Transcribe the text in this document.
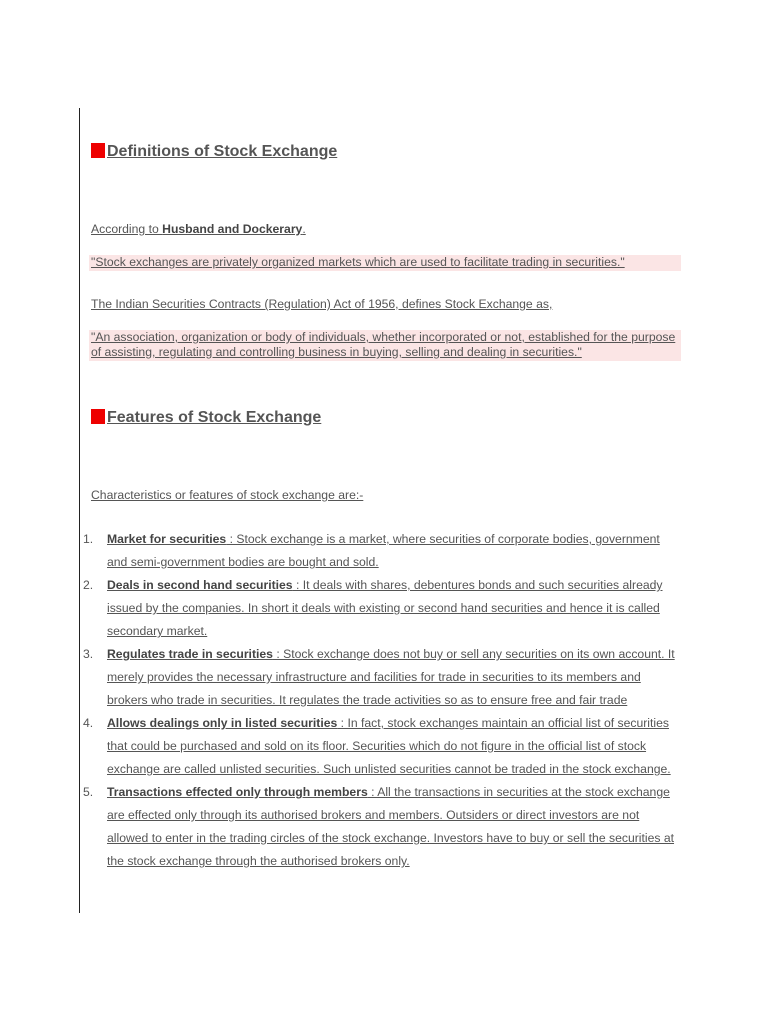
Definitions of Stock Exchange
According to Husband and Dockerary.
"Stock exchanges are privately organized markets which are used to facilitate trading in securities."
The Indian Securities Contracts (Regulation) Act of 1956, defines Stock Exchange as,
"An association, organization or body of individuals, whether incorporated or not, established for the purpose of assisting, regulating and controlling business in buying, selling and dealing in securities."
Features of Stock Exchange
Characteristics or features of stock exchange are:-
1. Market for securities : Stock exchange is a market, where securities of corporate bodies, government and semi-government bodies are bought and sold.
2. Deals in second hand securities : It deals with shares, debentures bonds and such securities already issued by the companies. In short it deals with existing or second hand securities and hence it is called secondary market.
3. Regulates trade in securities : Stock exchange does not buy or sell any securities on its own account. It merely provides the necessary infrastructure and facilities for trade in securities to its members and brokers who trade in securities. It regulates the trade activities so as to ensure free and fair trade
4. Allows dealings only in listed securities : In fact, stock exchanges maintain an official list of securities that could be purchased and sold on its floor. Securities which do not figure in the official list of stock exchange are called unlisted securities. Such unlisted securities cannot be traded in the stock exchange.
5. Transactions effected only through members : All the transactions in securities at the stock exchange are effected only through its authorised brokers and members. Outsiders or direct investors are not allowed to enter in the trading circles of the stock exchange. Investors have to buy or sell the securities at the stock exchange through the authorised brokers only.
